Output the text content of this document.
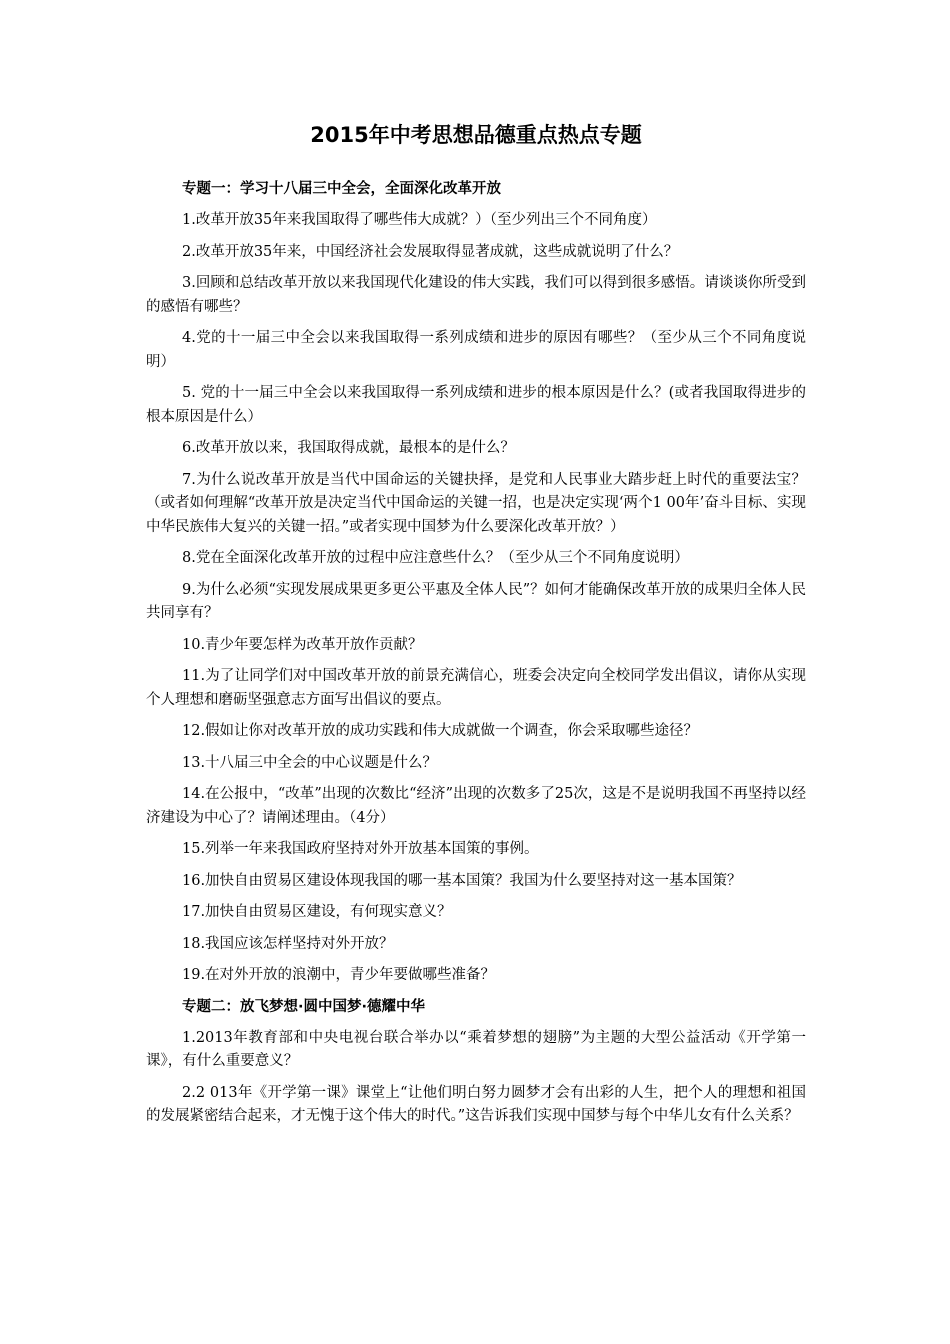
2015年中考思想品德重点热点专题
专题一：学习十八届三中全会，全面深化改革开放

1.改革开放35年来我国取得了哪些伟大成就？）（至少列出三个不同角度）

2.改革开放35年来，中国经济社会发展取得显著成就，这些成就说明了什么？

3.回顾和总结改革开放以来我国现代化建设的伟大实践，我们可以得到很多感悟。请谈谈你所受到的感悟有哪些？

4.党的十一届三中全会以来我国取得一系列成绩和进步的原因有哪些？（至少从三个不同角度说明）

5. 党的十一届三中全会以来我国取得一系列成绩和进步的根本原因是什么？(或者我国取得进步的根本原因是什么）

6.改革开放以来，我国取得成就，最根本的是什么？

7.为什么说改革开放是当代中国命运的关键抉择，是党和人民事业大踏步赶上时代的重要法宝？（或者如何理解“改革开放是决定当代中国命运的关键一招，也是决定实现‘两个1 00年’奋斗目标、实现中华民族伟大复兴的关键一招。”或者实现中国梦为什么要深化改革开放？）

8.党在全面深化改革开放的过程中应注意些什么？（至少从三个不同角度说明）

9.为什么必须“实现发展成果更多更公平惠及全体人民”？如何才能确保改革开放的成果归全体人民共同享有？

10.青少年要怎样为改革开放作贡献？

11.为了让同学们对中国改革开放的前景充满信心，班委会决定向全校同学发出倡议，请你从实现个人理想和磨砺坚强意志方面写出倡议的要点。

12.假如让你对改革开放的成功实践和伟大成就做一个调查，你会采取哪些途径？

13.十八届三中全会的中心议题是什么？

14.在公报中，“改革”出现的次数比“经济”出现的次数多了25次，这是不是说明我国不再坚持以经济建设为中心了？请阐述理由。（4分）

15.列举一年来我国政府坚持对外开放基本国策的事例。

16.加快自由贸易区建设体现我国的哪一基本国策？我国为什么要坚持对这一基本国策？

17.加快自由贸易区建设，有何现实意义？

18.我国应该怎样坚持对外开放？

19.在对外开放的浪潮中，青少年要做哪些准备？

专题二：放飞梦想·圆中国梦·德耀中华

1.2013年教育部和中央电视台联合举办以“乘着梦想的翅膀”为主题的大型公益活动《开学第一课》，有什么重要意义？

2.2 013年《开学第一课》课堂上“让他们明白努力圆梦才会有出彩的人生，把个人的理想和祖国的发展紧密结合起来，才无愧于这个伟大的时代。”这告诉我们实现中国梦与每个中华儿女有什么关系？
